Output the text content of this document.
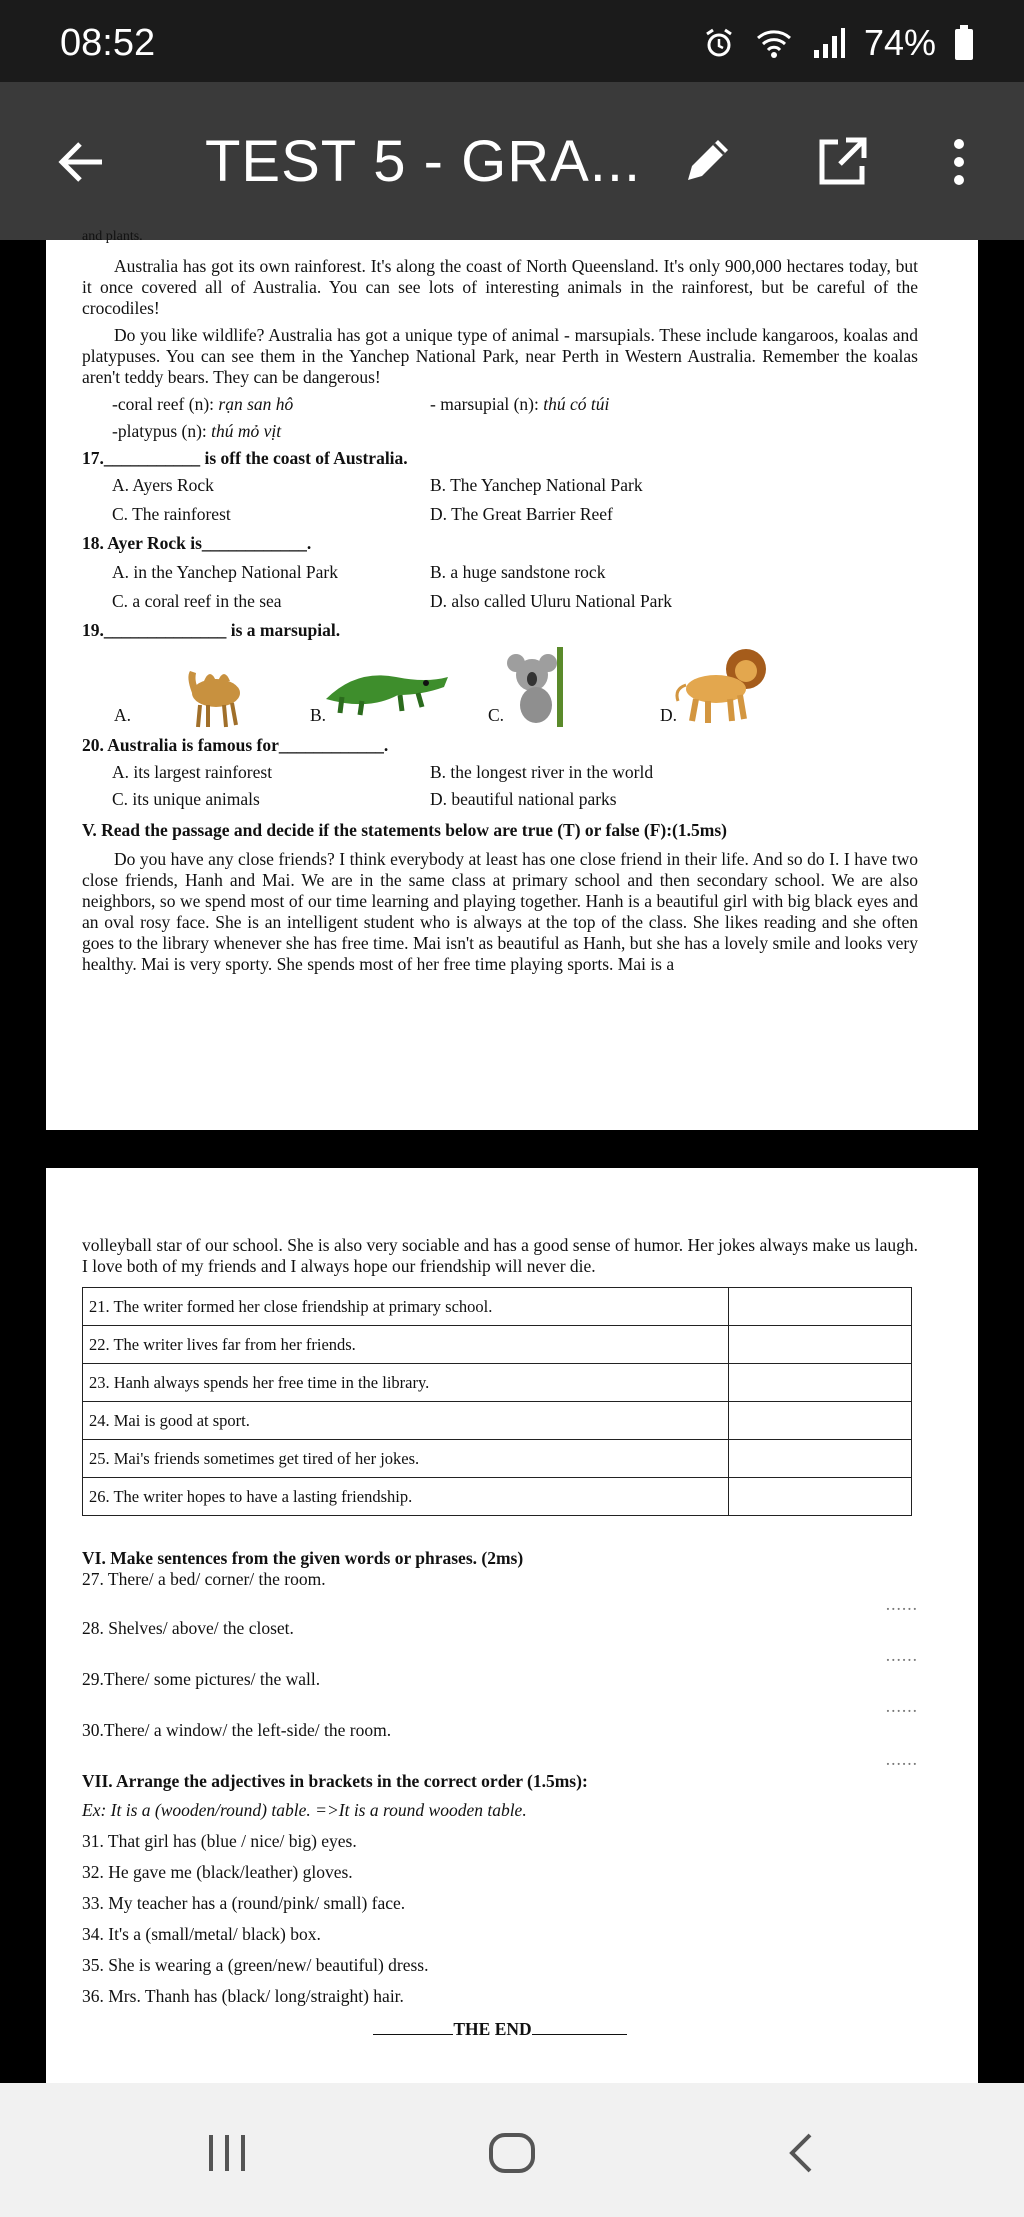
08:52	74%
TEST 5 - GRA...
and plants.

Australia has got its own rainforest. It's along the coast of North Queensland. It's only 900,000 hectares today, but it once covered all of Australia. You can see lots of interesting animals in the rainforest, but be careful of the crocodiles!

Do you like wildlife? Australia has got a unique type of animal - marsupials. These include kangaroos, koalas and platypuses. You can see them in the Yanchep National Park, near Perth in Western Australia. Remember the koalas aren't teddy bears. They can be dangerous!

-coral reef (n): rạn san hô	- marsupial (n): thú có túi
-platypus (n): thú mỏ vịt
17.___________ is off the coast of Australia.
A. Ayers Rock	B. The Yanchep National Park
C. The rainforest	D. The Great Barrier Reef
18. Ayer Rock is____________.
A. in the Yanchep National Park	B. a huge sandstone rock
C. a coral reef in the sea	D. also called Uluru National Park
19.______________ is a marsupial.
A.	B.	C.	D.
20. Australia is famous for____________.
A. its largest rainforest	B. the longest river in the world
C. its unique animals	D. beautiful national parks
V. Read the passage and decide if the statements below are true (T) or false (F):(1.5ms)

Do you have any close friends? I think everybody at least has one close friend in their life. And so do I. I have two close friends, Hanh and Mai. We are in the same class at primary school and then secondary school. We are also neighbors, so we spend most of our time learning and playing together. Hanh is a beautiful girl with big black eyes and an oval rosy face. She is an intelligent student who is always at the top of the class. She likes reading and she often goes to the library whenever she has free time. Mai isn't as beautiful as Hanh, but she has a lovely smile and looks very healthy. Mai is very sporty. She spends most of her free time playing sports. Mai is a

volleyball star of our school. She is also very sociable and has a good sense of humor. Her jokes always make us laugh. I love both of my friends and I always hope our friendship will never die.

21. The writer formed her close friendship at primary school.	
22. The writer lives far from her friends.	
23. Hanh always spends her free time in the library.	
24. Mai is good at sport.	
25. Mai's friends sometimes get tired of her jokes.	
26. The writer hopes to have a lasting friendship.	
VI. Make sentences from the given words or phrases. (2ms)
27. There/ a bed/ corner/ the room.
......
28. Shelves/ above/ the closet.
......
29.There/ some pictures/ the wall.
......
30.There/ a window/ the left-side/ the room.
......
VII. Arrange the adjectives in brackets in the correct order (1.5ms):
Ex: It is a (wooden/round) table. =>It is a round wooden table.
31. That girl has (blue / nice/ big) eyes.
32. He gave me (black/leather) gloves.
33. My teacher has a (round/pink/ small) face.
34. It's a (small/metal/ black) box.
35. She is wearing a (green/new/ beautiful) dress.
36. Mrs. Thanh has (black/ long/straight) hair.
THE END
